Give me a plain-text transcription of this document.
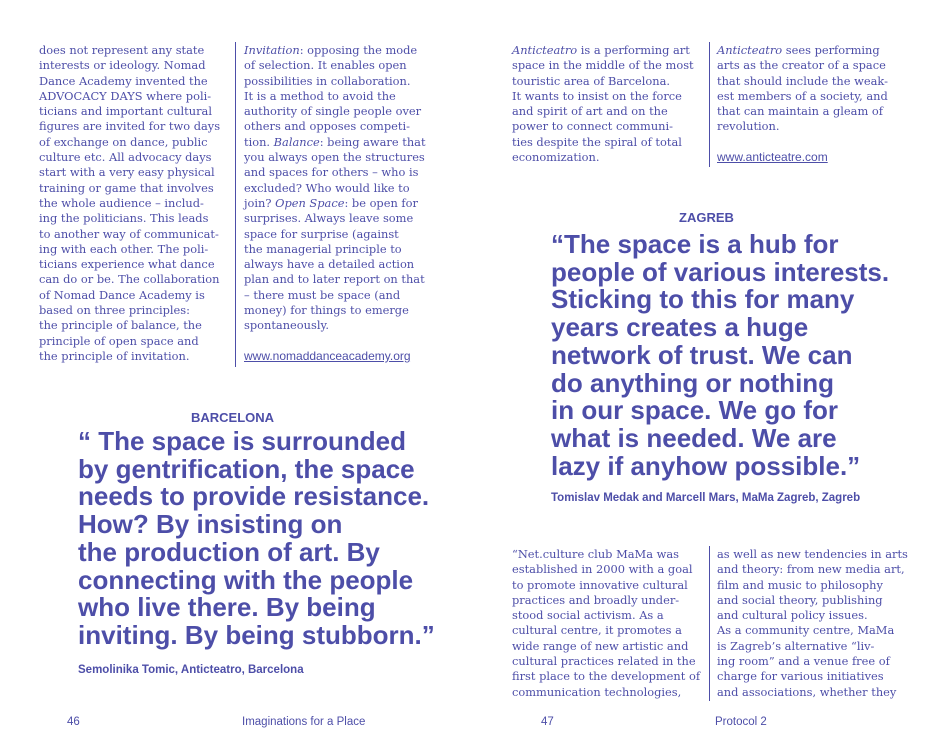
does not represent any state
interests or ideology. Nomad
Dance Academy invented the
ADVOCACY DAYS where poli-
ticians and important cultural
figures are invited for two days
of exchange on dance, public
culture etc. All advocacy days
start with a very easy physical
training or game that involves
the whole audience – includ-
ing the politicians. This leads
to another way of communicat-
ing with each other. The poli-
ticians experience what dance
can do or be. The collaboration
of Nomad Dance Academy is
based on three principles:
the principle of balance, the
principle of open space and
the principle of invitation.
Invitation: opposing the mode
of selection. It enables open
possibilities in collaboration.
It is a method to avoid the
authority of single people over
others and opposes competi-
tion. Balance: being aware that
you always open the structures
and spaces for others – who is
excluded? Who would like to
join? Open Space: be open for
surprises. Always leave some
space for surprise (against
the managerial principle to
always have a detailed action
plan and to later report on that
– there must be space (and
money) for things to emerge
spontaneously.
www.nomaddanceacademy.org
BARCELONA
“ The space is surrounded
by gentrification, the space
needs to provide resistance.
How? By insisting on
the production of art. By
connecting with the people
who live there. By being
inviting. By being stubborn.”
Semolinika Tomic, Anticteatro, Barcelona
46	Imaginations for a Place
Anticteatro is a performing art
space in the middle of the most
touristic area of Barcelona.
It wants to insist on the force
and spirit of art and on the
power to connect communi-
ties despite the spiral of total
economization.
Anticteatro sees performing
arts as the creator of a space
that should include the weak-
est members of a society, and
that can maintain a gleam of
revolution.
www.anticteatre.com
ZAGREB
“The space is a hub for
people of various interests.
Sticking to this for many
years creates a huge
network of trust. We can
do anything or nothing
in our space. We go for
what is needed. We are
lazy if anyhow possible.”
Tomislav Medak and Marcell Mars, MaMa Zagreb, Zagreb
“Net.culture club MaMa was
established in 2000 with a goal
to promote innovative cultural
practices and broadly under-
stood social activism. As a
cultural centre, it promotes a
wide range of new artistic and
cultural practices related in the
first place to the development of
communication technologies,
as well as new tendencies in arts
and theory: from new media art,
film and music to philosophy
and social theory, publishing
and cultural policy issues.
As a community centre, MaMa
is Zagreb’s alternative “liv-
ing room” and a venue free of
charge for various initiatives
and associations, whether they
47	Protocol 2
